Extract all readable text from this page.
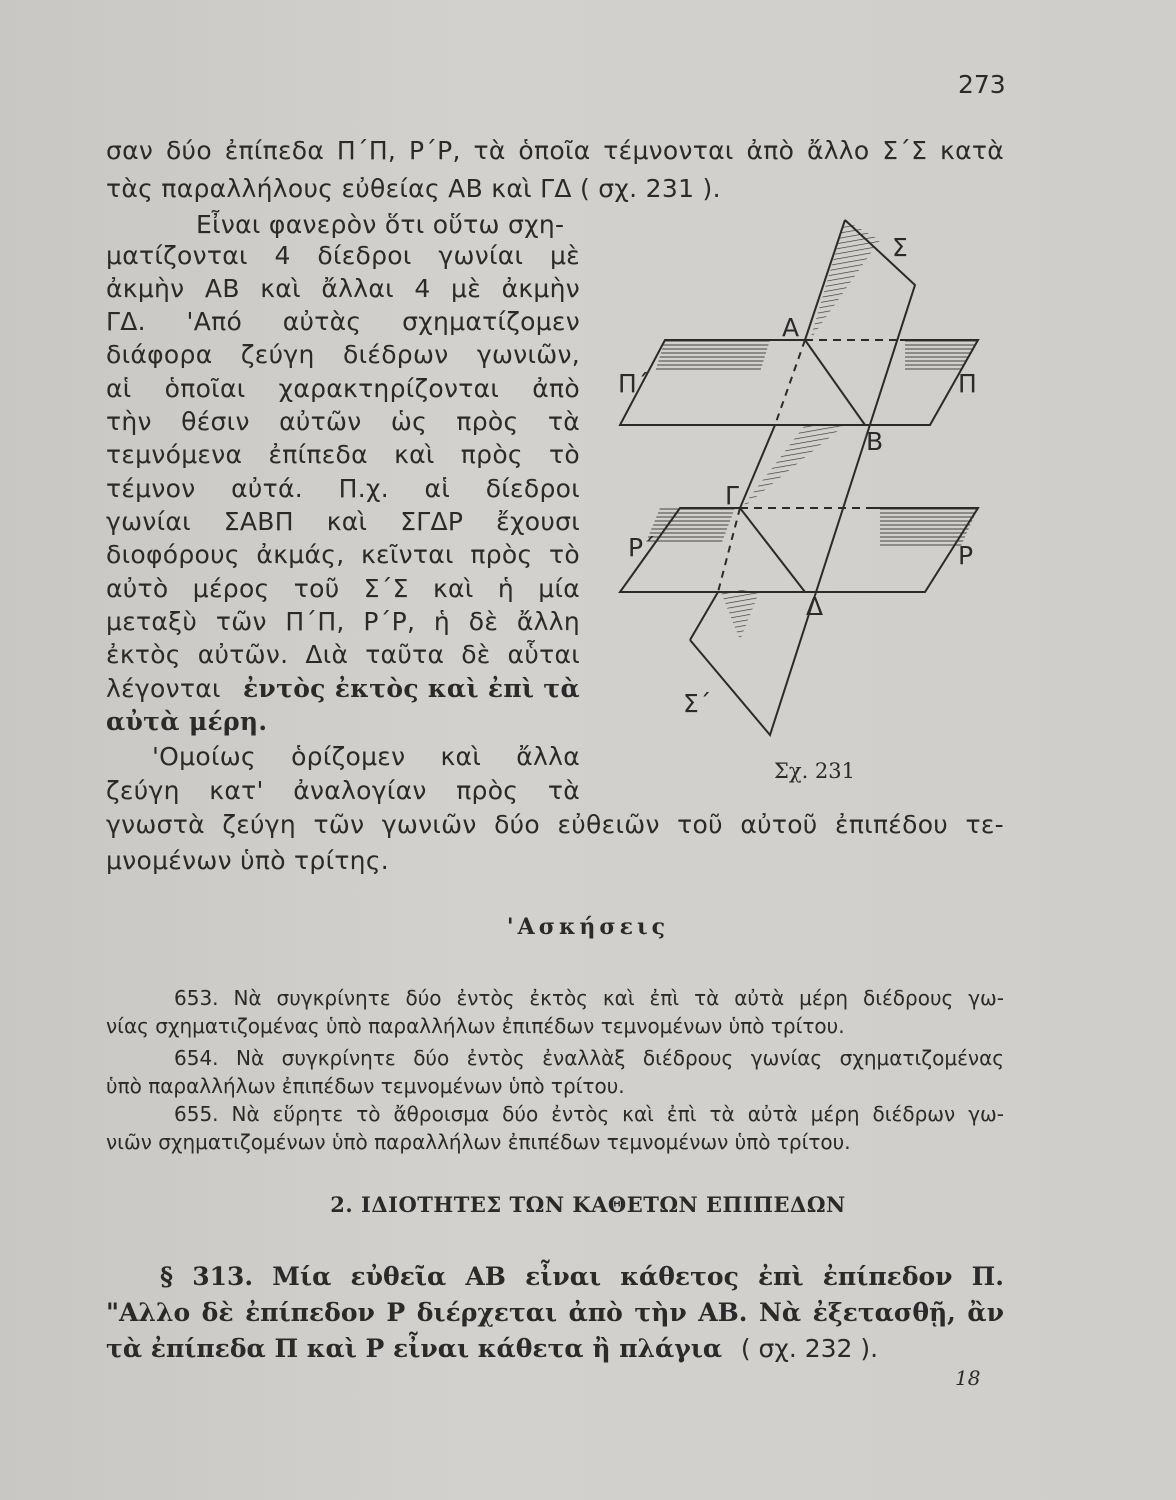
273
σαν δύο ἐπίπεδα Π΄Π, Ρ΄Ρ, τὰ ὁποῖα τέμνονται ἀπὸ ἄλλο Σ΄Σ κατὰ
τὰς παραλλήλους εὐθείας ΑΒ καὶ ΓΔ ( σχ. 231 ).
Εἶναι φανερὸν ὅτι οὕτω σχη-
ματίζονται 4 δίεδροι γωνίαι μὲ
ἀκμὴν ΑΒ καὶ ἄλλαι 4 μὲ ἀκμὴν
ΓΔ. 'Από αὐτὰς σχηματίζομεν
διάφορα ζεύγη διέδρων γωνιῶν,
αἱ ὁποῖαι χαρακτηρίζονται ἀπὸ
τὴν θέσιν αὐτῶν ὡς πρὸς τὰ
τεμνόμενα ἐπίπεδα καὶ πρὸς τὸ
τέμνον αὐτά. Π.χ. αἱ δίεδροι
γωνίαι ΣΑΒΠ καὶ ΣΓΔΡ ἔχουσι
διοφόρους ἀκμάς, κεῖνται πρὸς τὸ
αὐτὸ μέρος τοῦ Σ΄Σ καὶ ἡ μία
μεταξὺ τῶν Π΄Π, Ρ΄Ρ, ἡ δὲ ἄλλη
ἐκτὸς αὐτῶν. Διὰ ταῦτα δὲ αὗται
λέγονται ἐντὸς ἐκτὸς καὶ ἐπὶ τὰ
αὐτὰ μέρη.
'Ομοίως ὁρίζομεν καὶ ἄλλα
ζεύγη κατ' ἀναλογίαν πρὸς τὰ
γνωστὰ ζεύγη τῶν γωνιῶν δύο εὐθειῶν τοῦ αὐτοῦ ἐπιπέδου τε-
μνομένων ὑπὸ τρίτης.
'Ασκήσεις
653. Νὰ συγκρίνητε δύο ἐντὸς ἐκτὸς καὶ ἐπὶ τὰ αὐτὰ μέρη διέδρους γω-
νίας σχηματιζομένας ὑπὸ παραλλήλων ἐπιπέδων τεμνομένων ὑπὸ τρίτου.
654. Νὰ συγκρίνητε δύο ἐντὸς ἐναλλὰξ διέδρους γωνίας σχηματιζομένας
ὑπὸ παραλλήλων ἐπιπέδων τεμνομένων ὑπὸ τρίτου.
655. Νὰ εὕρητε τὸ ἄθροισμα δύο ἐντὸς καὶ ἐπὶ τὰ αὐτὰ μέρη διέδρων γω-
νιῶν σχηματιζομένων ὑπὸ παραλλήλων ἐπιπέδων τεμνομένων ὑπὸ τρίτου.
2. ΙΔΙΟΤΗΤΕΣ ΤΩΝ ΚΑΘΕΤΩΝ ΕΠΙΠΕΔΩΝ
§ 313. Μία εὐθεῖα ΑΒ εἶναι κάθετος ἐπὶ ἐπίπεδον Π.
"Αλλο δὲ ἐπίπεδον Ρ διέρχεται ἀπὸ τὴν ΑΒ. Νὰ ἐξετασθῇ, ἂν
τὰ ἐπίπεδα Π καὶ Ρ εἶναι κάθετα ἢ πλάγια ( σχ. 232 ).
18
Σ
Α
Π΄	Π
Β
Γ
Ρ΄	Ρ
Δ
Σ΄
Σχ. 231
